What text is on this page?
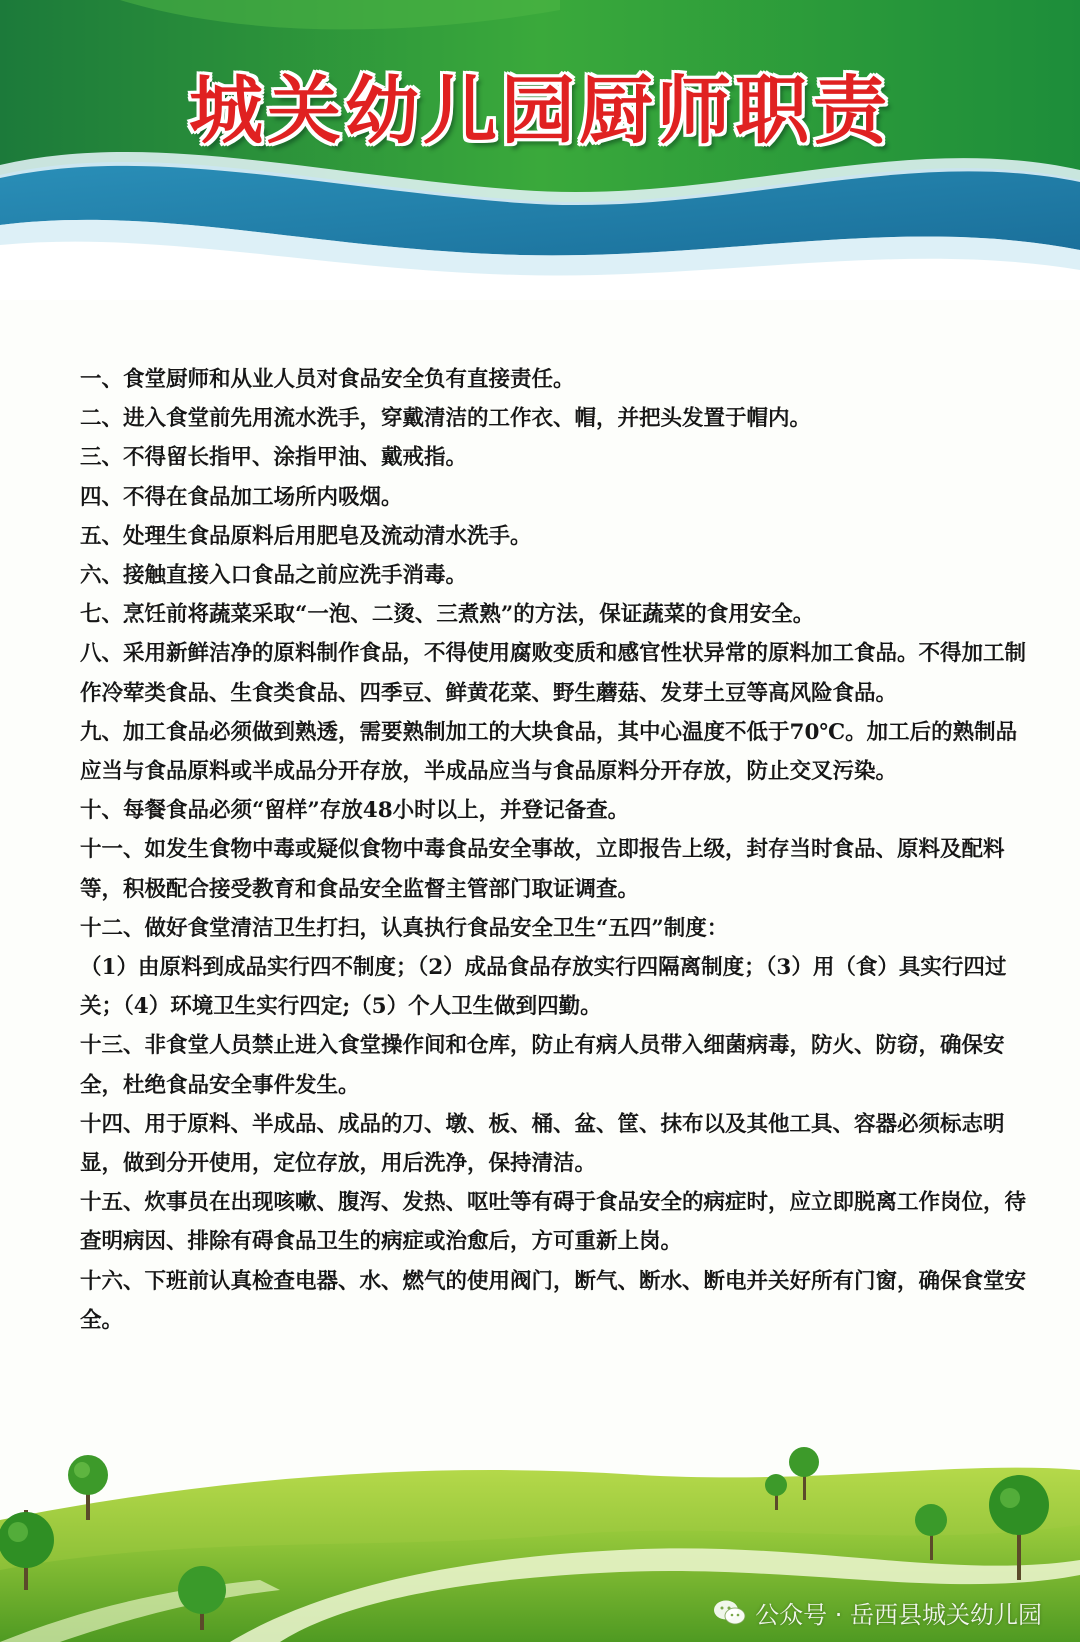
城关幼儿园厨师职责

一、食堂厨师和从业人员对食品安全负有直接责任。

二、进入食堂前先用流水洗手，穿戴清洁的工作衣、帽，并把头发置于帽内。

三、不得留长指甲、涂指甲油、戴戒指。

四、不得在食品加工场所内吸烟。

五、处理生食品原料后用肥皂及流动清水洗手。

六、接触直接入口食品之前应洗手消毒。

七、烹饪前将蔬菜采取“一泡、二烫、三煮熟”的方法，保证蔬菜的食用安全。

八、采用新鲜洁净的原料制作食品，不得使用腐败变质和感官性状异常的原料加工食品。不得加工制作冷荤类食品、生食类食品、四季豆、鲜黄花菜、野生蘑菇、发芽土豆等高风险食品。

九、加工食品必须做到熟透，需要熟制加工的大块食品，其中心温度不低于70℃。加工后的熟制品应当与食品原料或半成品分开存放，半成品应当与食品原料分开存放，防止交叉污染。

十、每餐食品必须“留样”存放48小时以上，并登记备查。

十一、如发生食物中毒或疑似食物中毒食品安全事故，立即报告上级，封存当时食品、原料及配料等，积极配合接受教育和食品安全监督主管部门取证调查。

十二、做好食堂清洁卫生打扫，认真执行食品安全卫生“五四”制度：

（1）由原料到成品实行四不制度；（2）成品食品存放实行四隔离制度；（3）用（食）具实行四过关；（4）环境卫生实行四定;（5）个人卫生做到四勤。

十三、非食堂人员禁止进入食堂操作间和仓库，防止有病人员带入细菌病毒，防火、防窃，确保安全，杜绝食品安全事件发生。

十四、用于原料、半成品、成品的刀、墩、板、桶、盆、筐、抹布以及其他工具、容器必须标志明显，做到分开使用，定位存放，用后洗净，保持清洁。

十五、炊事员在出现咳嗽、腹泻、发热、呕吐等有碍于食品安全的病症时，应立即脱离工作岗位，待查明病因、排除有碍食品卫生的病症或治愈后，方可重新上岗。

十六、下班前认真检查电器、水、燃气的使用阀门，断气、断水、断电并关好所有门窗，确保食堂安全。

公众号 · 岳西县城关幼儿园
